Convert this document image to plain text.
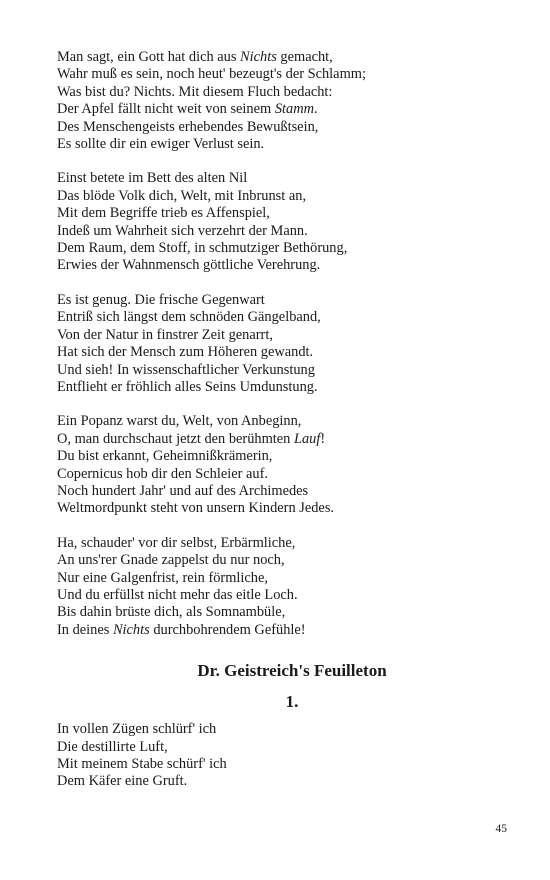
Man sagt, ein Gott hat dich aus Nichts gemacht,
Wahr muß es sein, noch heut' bezeugt's der Schlamm;
Was bist du? Nichts. Mit diesem Fluch bedacht:
Der Apfel fällt nicht weit von seinem Stamm.
Des Menschengeists erhebendes Bewußtsein,
Es sollte dir ein ewiger Verlust sein.
Einst betete im Bett des alten Nil
Das blöde Volk dich, Welt, mit Inbrunst an,
Mit dem Begriffe trieb es Affenspiel,
Indeß um Wahrheit sich verzehrt der Mann.
Dem Raum, dem Stoff, in schmutziger Bethörung,
Erwies der Wahnmensch göttliche Verehrung.
Es ist genug. Die frische Gegenwart
Entriß sich längst dem schnöden Gängelband,
Von der Natur in finstrer Zeit genarrt,
Hat sich der Mensch zum Höheren gewandt.
Und sieh! In wissenschaftlicher Verkunstung
Entflieht er fröhlich alles Seins Umdunstung.
Ein Popanz warst du, Welt, von Anbeginn,
O, man durchschaut jetzt den berühmten Lauf!
Du bist erkannt, Geheimnißkrämerin,
Copernicus hob dir den Schleier auf.
Noch hundert Jahr' und auf des Archimedes
Weltmordpunkt steht von unsern Kindern Jedes.
Ha, schauder' vor dir selbst, Erbärmliche,
An uns'rer Gnade zappelst du nur noch,
Nur eine Galgenfrist, rein förmliche,
Und du erfüllst nicht mehr das eitle Loch.
Bis dahin brüste dich, als Somnambüle,
In deines Nichts durchbohrendem Gefühle!
Dr. Geistreich's Feuilleton
1.
In vollen Zügen schlürf' ich
Die destillirte Luft,
Mit meinem Stabe schürf' ich
Dem Käfer eine Gruft.
45
